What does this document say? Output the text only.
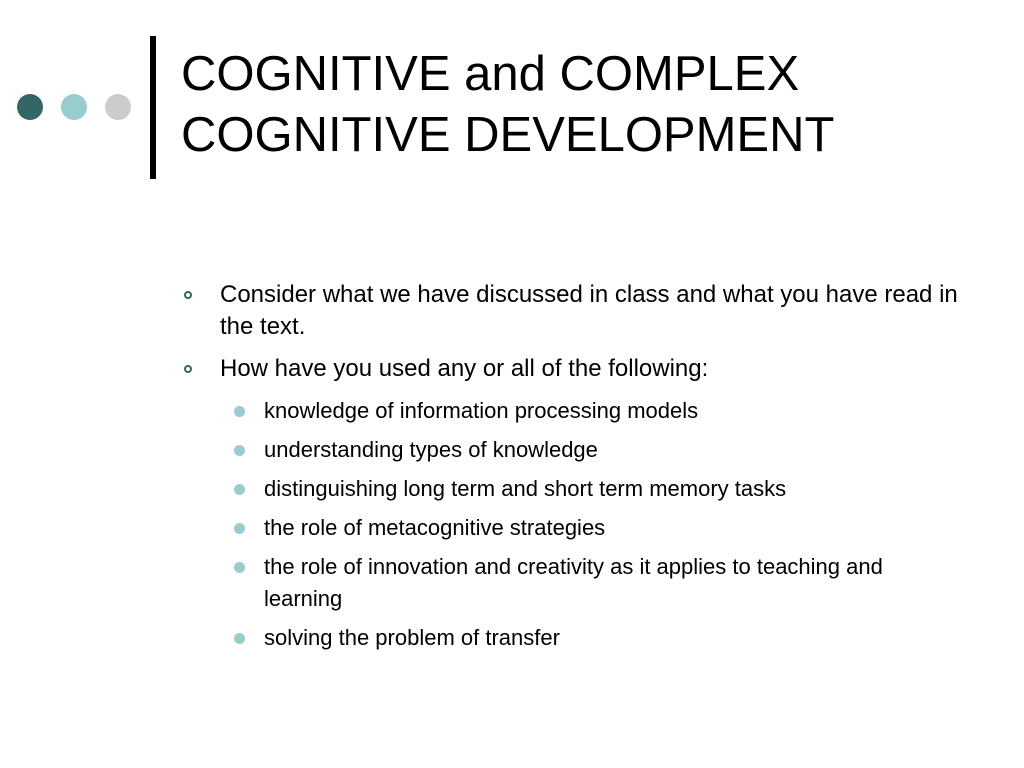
COGNITIVE and COMPLEX
COGNITIVE DEVELOPMENT
Consider what we have discussed in class and what you have read in the text.
How have you used any or all of the following:
knowledge of information processing models
understanding types of knowledge
distinguishing long term and short term memory tasks
the role of metacognitive strategies
the role of innovation and creativity as it applies to teaching and learning
solving the problem of transfer
